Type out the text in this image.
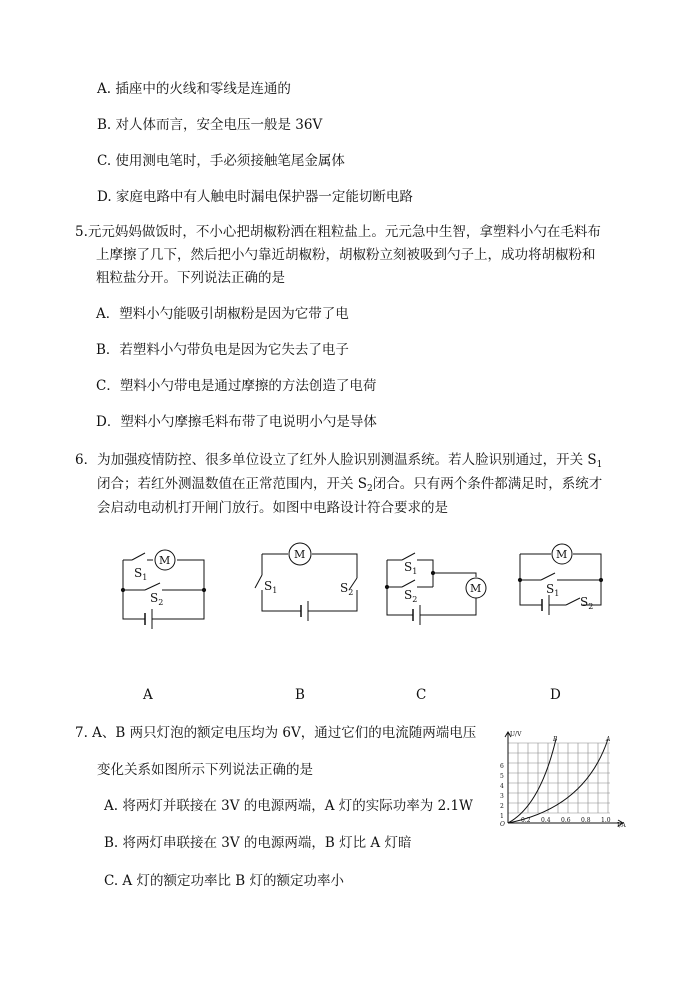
A. 插座中的火线和零线是连通的
B. 对人体而言，安全电压一般是 36V
C. 使用测电笔时，手必须接触笔尾金属体
D. 家庭电路中有人触电时漏电保护器一定能切断电路
5.元元妈妈做饭时，不小心把胡椒粉洒在粗粒盐上。元元急中生智，拿塑料小勺在毛料布
上摩擦了几下，然后把小勺靠近胡椒粉，胡椒粉立刻被吸到勺子上，成功将胡椒粉和
粗粒盐分开。下列说法正确的是
A．塑料小勺能吸引胡椒粉是因为它带了电
B．若塑料小勺带负电是因为它失去了电子
C．塑料小勺带电是通过摩擦的方法创造了电荷
D．塑料小勺摩擦毛料布带了电说明小勺是导体
6．为加强疫情防控、很多单位设立了红外人脸识别测温系统。若人脸识别通过，开关 $S_1$
闭合；若红外测温数值在正常范围内，开关 $S_2$闭合。只有两个条件都满足时，系统才
会启动电动机打开闸门放行。如图中电路设计符合要求的是
M	M
M
M
$S_1$
$S_2$
$S_1$	$S_2$
$S_1$
$S_2$
$S_1$
$S_2$
A	B	C	D
7. A、B 两只灯泡的额定电压均为 6V，通过它们的电流随两端电压
变化关系如图所示下列说法正确的是
A. 将两灯并联接在 3V 的电源两端，A 灯的实际功率为 2.1W
B. 将两灯串联接在 3V 的电源两端，B 灯比 A 灯暗
C. A 灯的额定功率比 B 灯的额定功率小
U/V
I/A
O
1
2
3
4
5
6
0.2 0.4 0.6 0.8 1.0
B	A
